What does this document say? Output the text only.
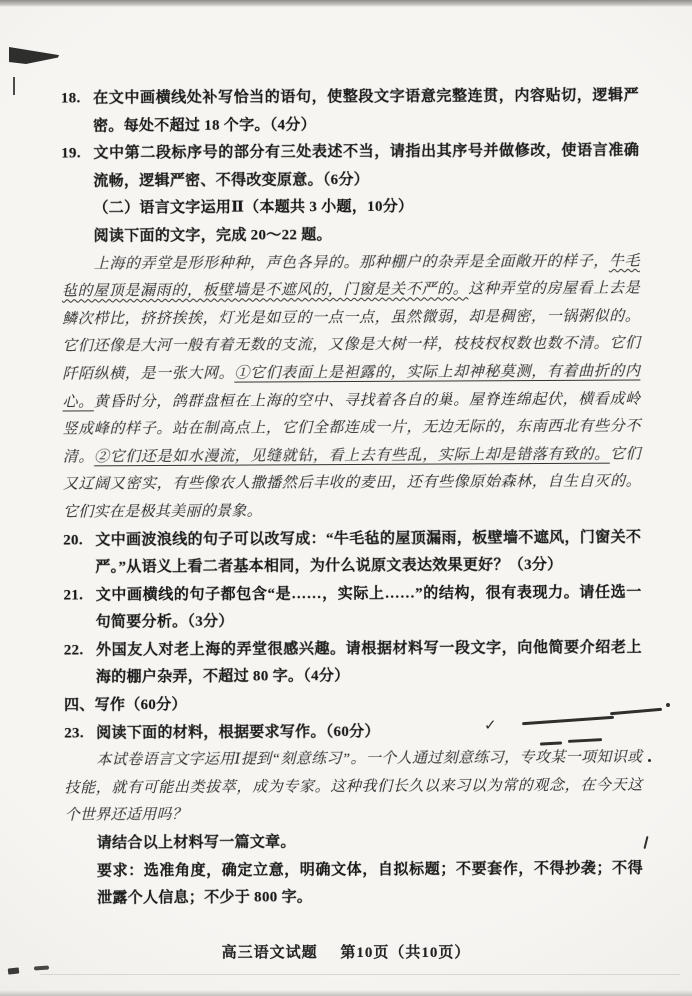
✓

18. 在文中画横线处补写恰当的语句，使整段文字语意完整连贯，内容贴切，逻辑严密。每处不超过 18 个字。（4分）

19. 文中第二段标序号的部分有三处表述不当，请指出其序号并做修改，使语言准确流畅，逻辑严密、不得改变原意。（6分）

（二）语言文字运用Ⅱ（本题共 3 小题，10分）

阅读下面的文字，完成 20～22 题。

上海的弄堂是形形种种，声色各异的。那种棚户的杂弄是全面敞开的样子，牛毛毡的屋顶是漏雨的，板壁墙是不遮风的，门窗是关不严的。这种弄堂的房屋看上去是鳞次栉比，挤挤挨挨，灯光是如豆的一点一点，虽然微弱，却是稠密，一锅粥似的。它们还像是大河一般有着无数的支流，又像是大树一样，枝枝杈杈数也数不清。它们阡陌纵横，是一张大网。①它们表面上是袒露的，实际上却神秘莫测，有着曲折的内心。黄昏时分，鸽群盘桓在上海的空中、寻找着各自的巢。屋脊连绵起伏，横看成岭竖成峰的样子。站在制高点上，它们全都连成一片，无边无际的，东南西北有些分不清。②它们还是如水漫流，见缝就钻，看上去有些乱，实际上却是错落有致的。它们又辽阔又密实，有些像农人撒播然后丰收的麦田，还有些像原始森林，自生自灭的。它们实在是极其美丽的景象。

20. 文中画波浪线的句子可以改写成：“牛毛毡的屋顶漏雨，板壁墙不遮风，门窗关不严。”从语义上看二者基本相同，为什么说原文表达效果更好？（3分）

21. 文中画横线的句子都包含“是……，实际上……”的结构，很有表现力。请任选一句简要分析。（3分）

22. 外国友人对老上海的弄堂很感兴趣。请根据材料写一段文字，向他简要介绍老上海的棚户杂弄，不超过 80 字。（4分）

四、写作（60分）

23. 阅读下面的材料，根据要求写作。（60分）

本试卷语言文字运用Ⅰ提到“刻意练习”。一个人通过刻意练习，专攻某一项知识或技能，就有可能出类拔萃，成为专家。这种我们长久以来习以为常的观念，在今天这个世界还适用吗？

请结合以上材料写一篇文章。

要求：选准角度，确定立意，明确文体，自拟标题；不要套作，不得抄袭；不得泄露个人信息；不少于 800 字。

高三语文试题 第10页（共10页）
